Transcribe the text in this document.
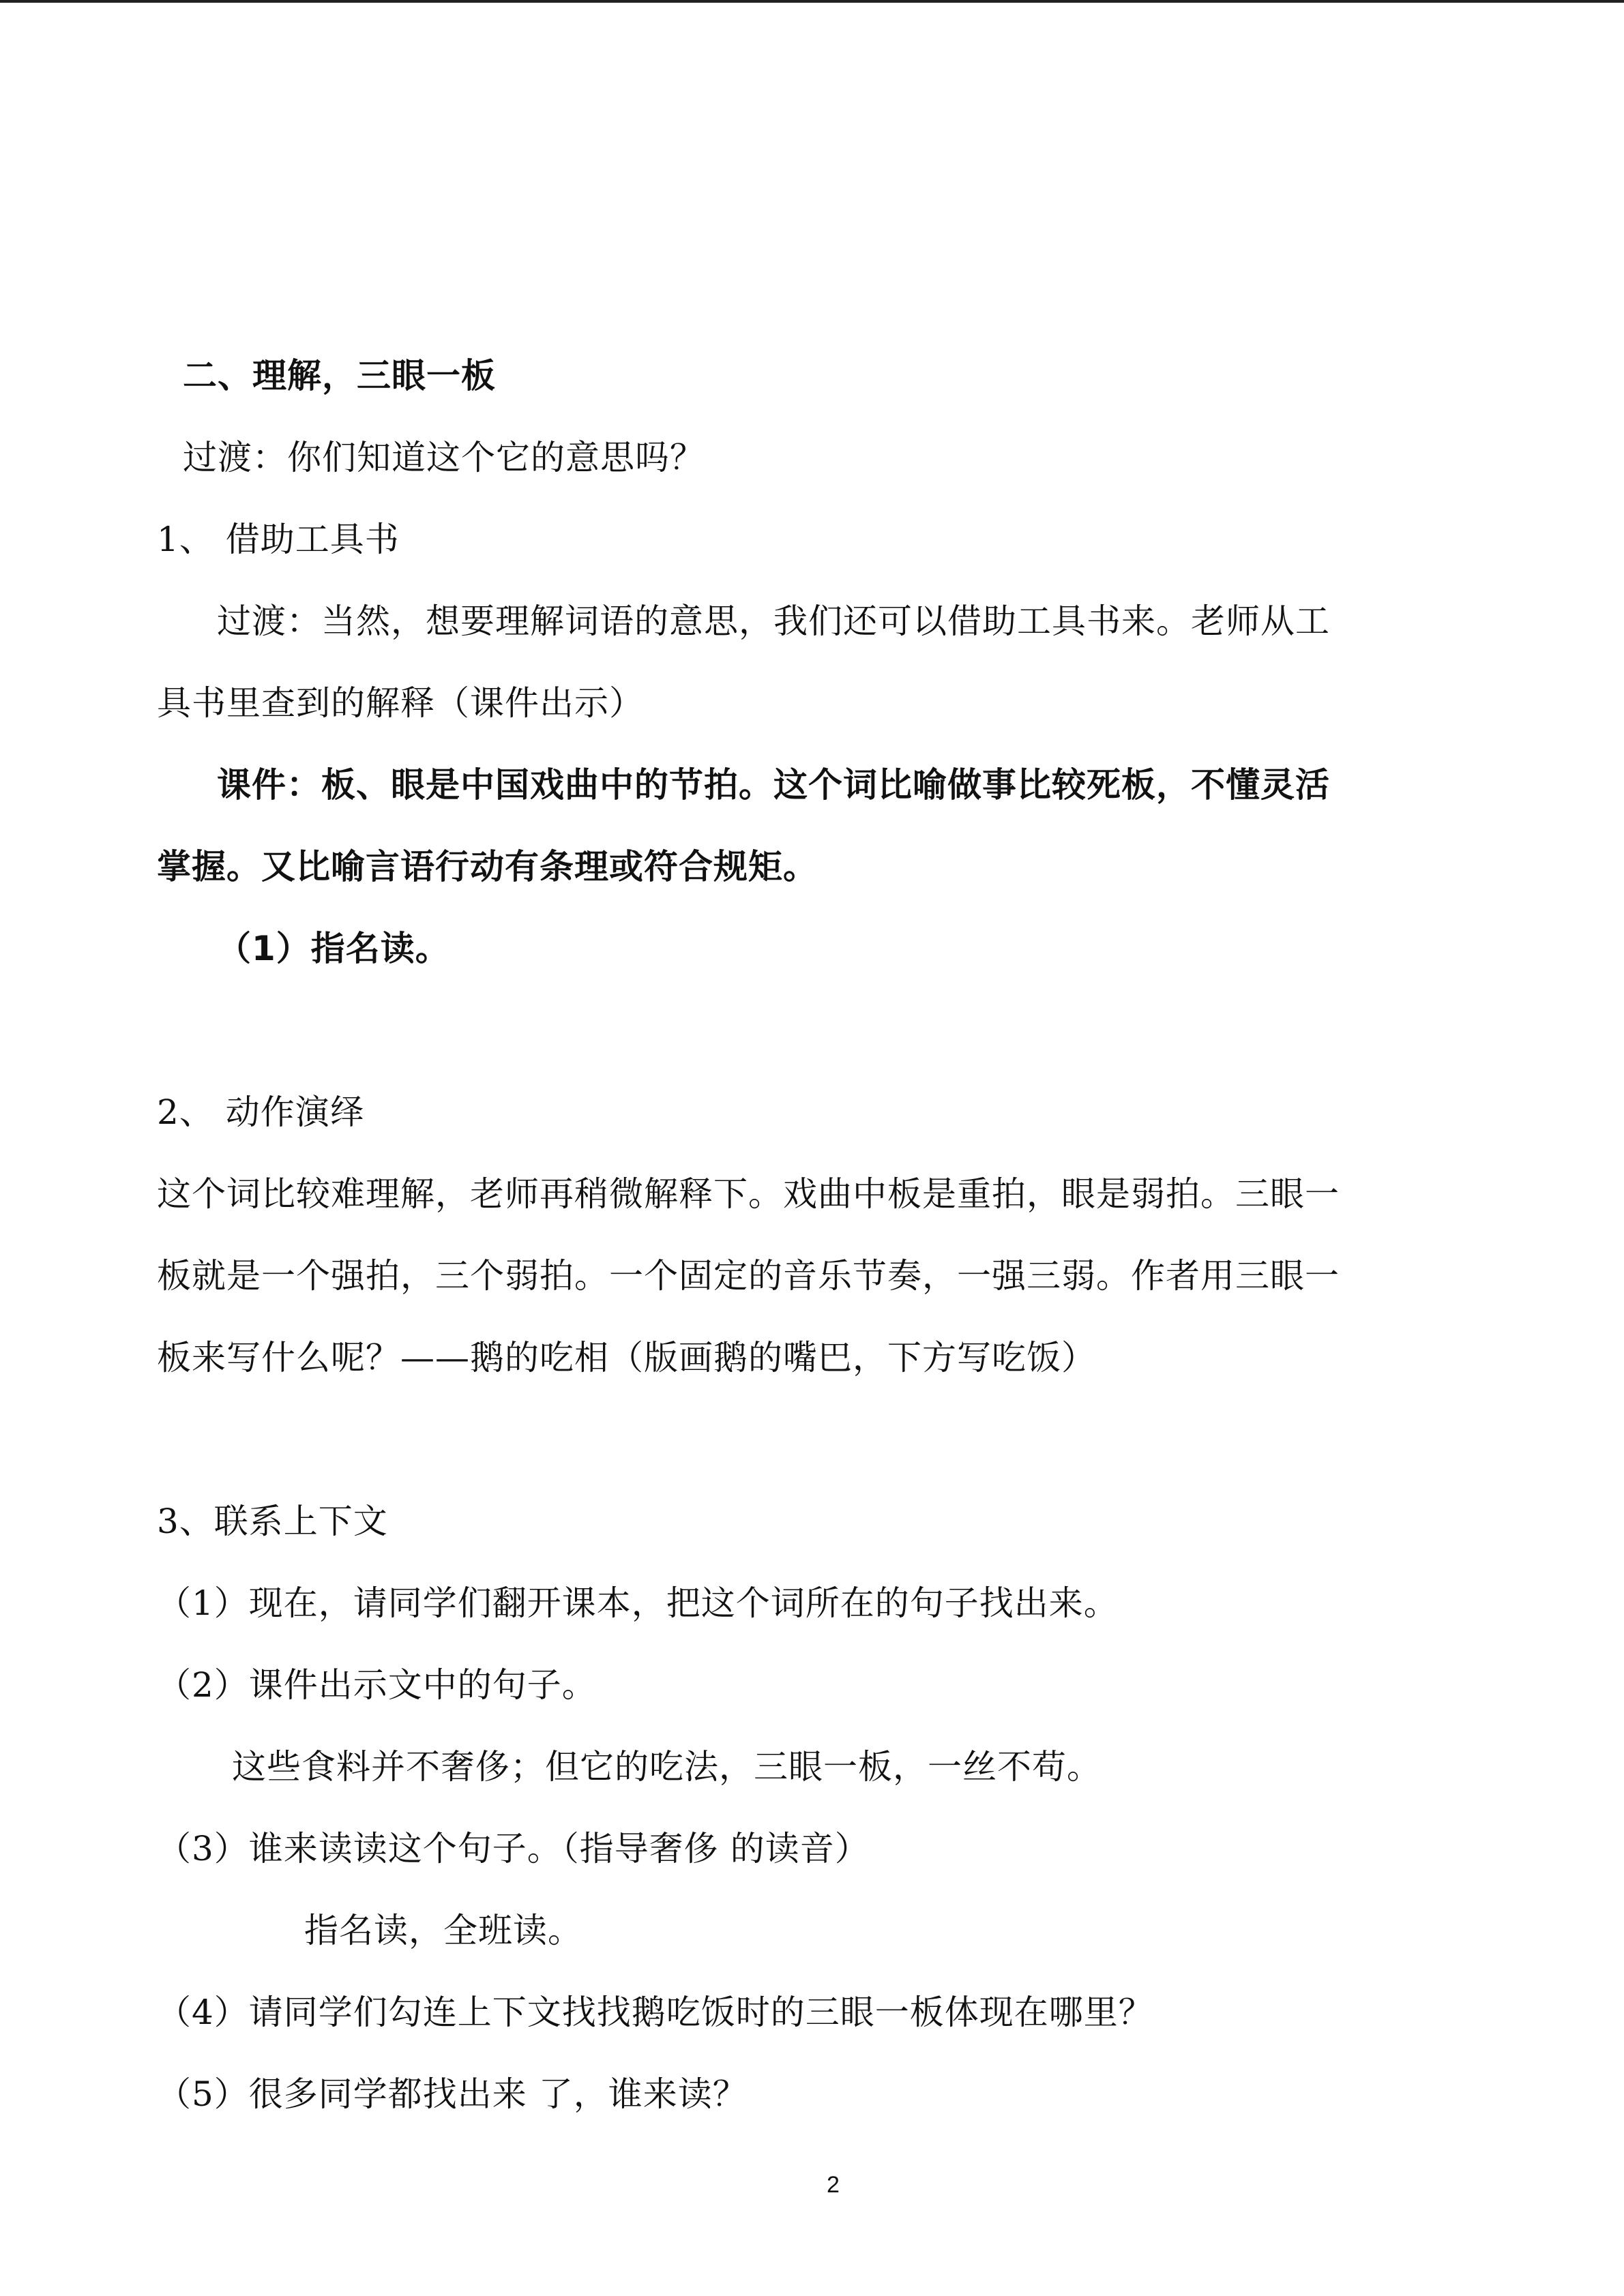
二、理解，三眼一板
过渡：你们知道这个它的意思吗？
1、 借助工具书
过渡：当然，想要理解词语的意思，我们还可以借助工具书来。老师从工
具书里查到的解释（课件出示）
课件：板、眼是中国戏曲中的节拍。这个词比喻做事比较死板，不懂灵活
掌握。又比喻言语行动有条理或符合规矩。
（1）指名读。
2、 动作演绎
这个词比较难理解，老师再稍微解释下。戏曲中板是重拍，眼是弱拍。三眼一
板就是一个强拍，三个弱拍。一个固定的音乐节奏，一强三弱。作者用三眼一
板来写什么呢？——鹅的吃相（版画鹅的嘴巴，下方写吃饭）
3、联系上下文
（1）现在，请同学们翻开课本，把这个词所在的句子找出来。
（2）课件出示文中的句子。
这些食料并不奢侈；但它的吃法，三眼一板，一丝不苟。
（3）谁来读读这个句子。（指导奢侈 的读音）
指名读，全班读。
（4）请同学们勾连上下文找找鹅吃饭时的三眼一板体现在哪里？
（5）很多同学都找出来 了，谁来读？
2
